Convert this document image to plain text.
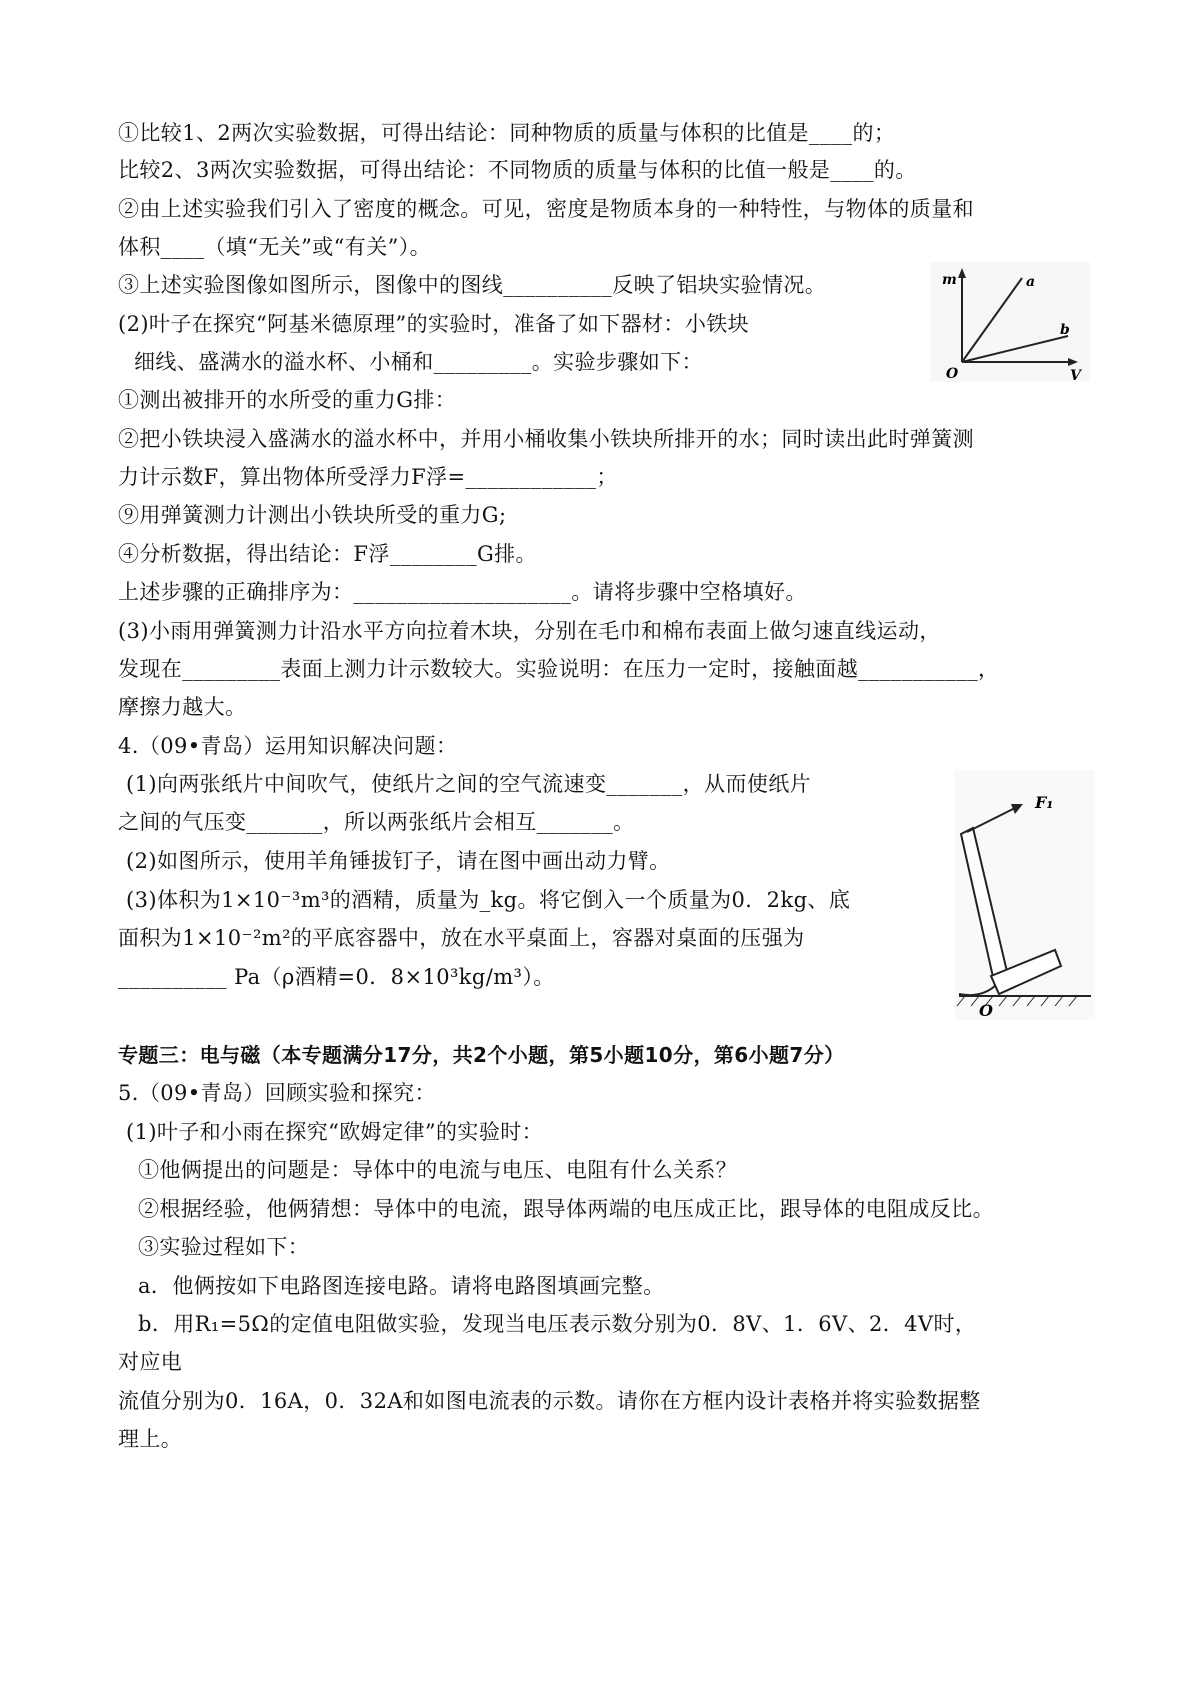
①比较1、2两次实验数据，可得出结论：同种物质的质量与体积的比值是____的；
比较2、3两次实验数据，可得出结论：不同物质的质量与体积的比值一般是____的。
②由上述实验我们引入了密度的概念。可见，密度是物质本身的一种特性，与物体的质量和
体积____（填“无关”或“有关”）。
③上述实验图像如图所示，图像中的图线__________反映了铝块实验情况。
(2)叶子在探究“阿基米德原理”的实验时，准备了如下器材：小铁块
细线、盛满水的溢水杯、小桶和_________。实验步骤如下：
①测出被排开的水所受的重力G排：
②把小铁块浸入盛满水的溢水杯中，并用小桶收集小铁块所排开的水；同时读出此时弹簧测
力计示数F，算出物体所受浮力F浮=____________；
⑨用弹簧测力计测出小铁块所受的重力G;
④分析数据，得出结论：F浮________G排。
上述步骤的正确排序为：____________________。请将步骤中空格填好。
(3)小雨用弹簧测力计沿水平方向拉着木块，分别在毛巾和棉布表面上做匀速直线运动，
发现在_________表面上测力计示数较大。实验说明：在压力一定时，接触面越___________，
摩擦力越大。
4.（09•青岛）运用知识解决问题：
(1)向两张纸片中间吹气，使纸片之间的空气流速变_______，从而使纸片
之间的气压变_______，所以两张纸片会相互_______。
(2)如图所示，使用羊角锤拔钉子，请在图中画出动力臂。
(3)体积为1×10⁻³m³的酒精，质量为_kg。将它倒入一个质量为0．2kg、底
面积为1×10⁻²m²的平底容器中，放在水平桌面上，容器对桌面的压强为
__________ Pa（ρ酒精=0．8×10³kg/m³）。
专题三：电与磁（本专题满分17分，共2个小题，第5小题10分，第6小题7分）
5.（09•青岛）回顾实验和探究：
(1)叶子和小雨在探究“欧姆定律”的实验时：
①他俩提出的问题是：导体中的电流与电压、电阻有什么关系？
②根据经验，他俩猜想：导体中的电流，跟导体两端的电压成正比，跟导体的电阻成反比。
③实验过程如下：
a．他俩按如下电路图连接电路。请将电路图填画完整。
b．用R₁=5Ω的定值电阻做实验，发现当电压表示数分别为0．8V、1．6V、2．4V时，
对应电
流值分别为0．16A，0．32A和如图电流表的示数。请你在方框内设计表格并将实验数据整
理上。
m	a
b
O	V
F₁
O
